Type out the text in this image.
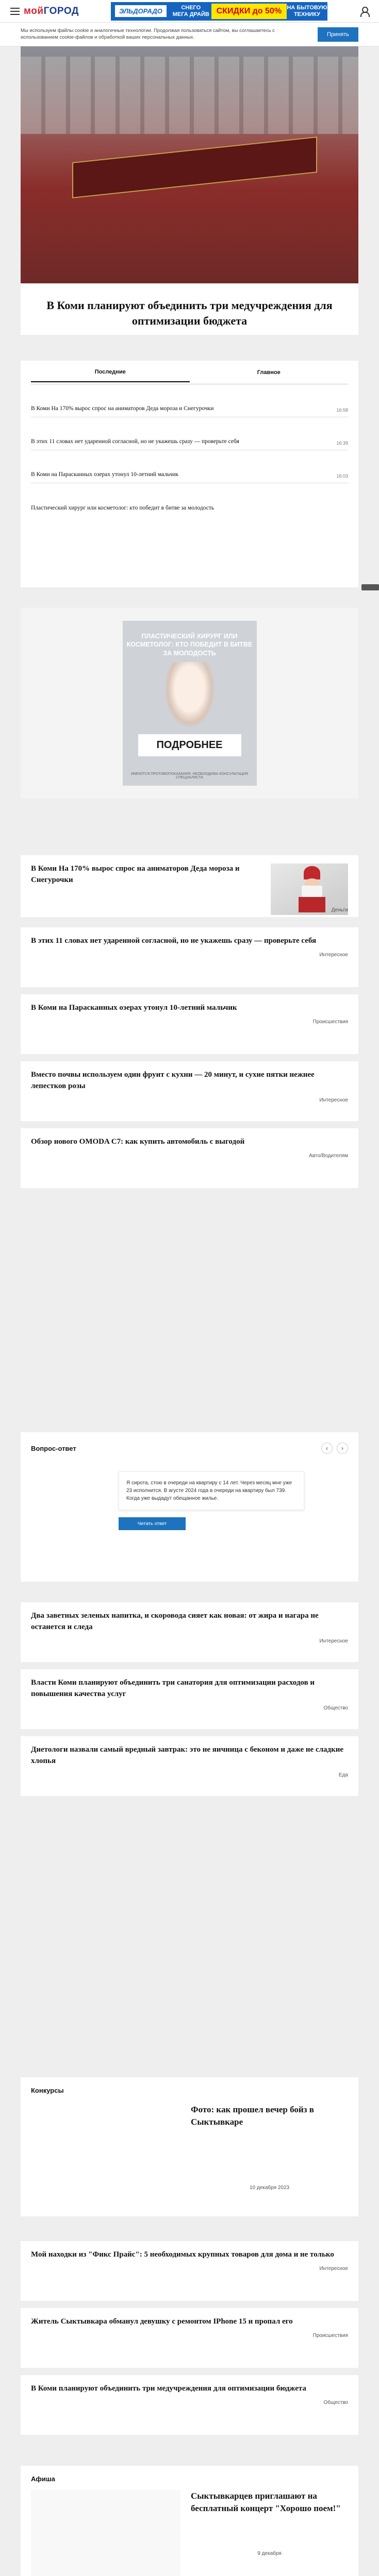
мойГОРОД	ЭЛЬДОРАДО	СНЕГО
МЕГА ДРАЙВ СКИДКИ до 50% НА БЫТОВУЮ ТЕХНИКУ

Мы используем файлы cookie и аналогичные технологии. Продолжая пользоваться сайтом, вы соглашаетесь с использованием cookie-файлов и обработкой ваших персональных данных.	Принять
В Коми планируют объединить три медучреждения для оптимизации бюджета
Последние	Главное
В Коми На 170% вырос спрос на аниматоров Деда мороза и Снегурочки	16:58
В этих 11 словах нет ударенной согласной, но не укажешь сразу — проверьте себя	16:39
В Коми на Парасканных озерах утонул 10-летний мальчик	16:03
Пластический хирург или косметолог: кто победит в битве за молодость
ПЛАСТИЧЕСКИЙ ХИРУРГ ИЛИ КОСМЕТОЛОГ: КТО ПОБЕДИТ В БИТВЕ ЗА МОЛОДОСТЬ
ПОДРОБНЕЕ
ИМЕЮТСЯ ПРОТИВОПОКАЗАНИЯ. НЕОБХОДИМА КОНСУЛЬТАЦИЯ СПЕЦИАЛИСТА
В Коми На 170% вырос спрос на аниматоров Деда мороза и Снегурочки
Деньги
В этих 11 словах нет ударенной согласной, но не укажешь сразу — проверьте себя
Интересное
В Коми на Парасканных озерах утонул 10-летний мальчик
Происшествия
Вместо почвы используем один фруит с кухни — 20 минут, и сухие пятки нежнее лепестков розы
Интересное
Обзор нового OMODA C7: как купить автомобиль с выгодой
Авто/Водителям
Вопрос-ответ	‹	›
Я сирота, стою в очереди на квартиру с 14 лет. Через месяц мне уже 23 исполнится. В агусте 2024 года в очереди на квартиру был 739. Когда уже выдадут обещанное жилье.
Читать ответ
Два заветных зеленых напитка, и скоровода сияет как новая: от жира и нагара не останется и следа
Интересное
Власти Коми планируют объединить три санатория для оптимизации расходов и повышения качества услуг
Общество
Диетологи назвали самый вредный завтрак: это не яичница с беконом и даже не сладкие хлопья
Еда
Конкурсы
Фото: как прошел вечер бойз в Сыктывкаре
10 декабря 2023
Мой находки из "Фикс Прайс": 5 необходимых крупных товаров для дома и не только
Интересное
Житель Сыктывкара обманул девушку с ремонтом IPhone 15 и пропал его
Происшествия
В Коми планируют объединить три медучреждения для оптимизации бюджета
Общество
Афиша
Сыктывкарцев приглашают на бесплатный концерт "Хорошо поем!"
9 декабря
